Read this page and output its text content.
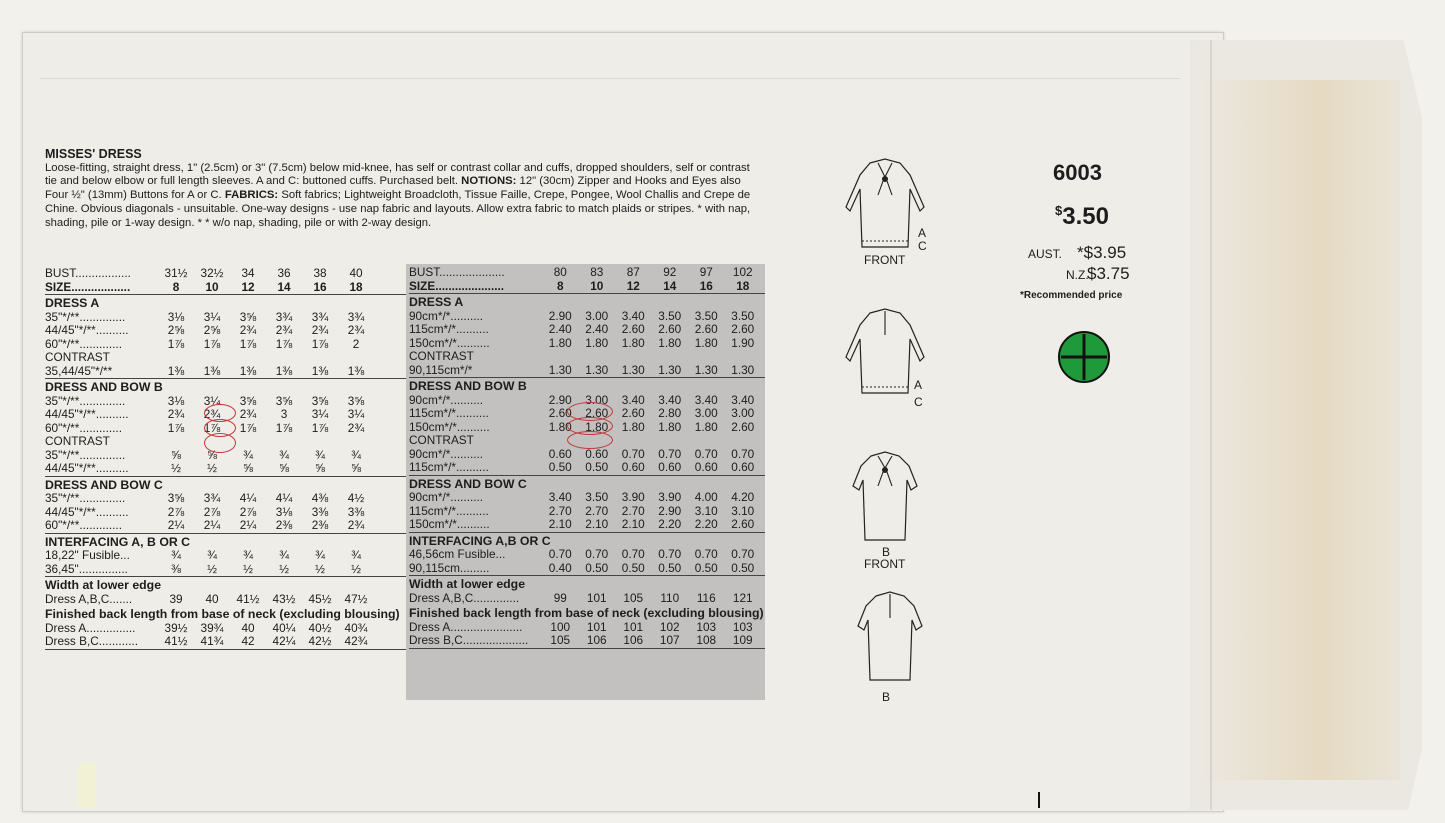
MISSES' DRESS
Loose-fitting, straight dress, 1" (2.5cm) or 3" (7.5cm) below mid-knee, has self or contrast collar and cuffs, dropped shoulders, self or contrast tie and below elbow or full length sleeves. A and C: buttoned cuffs. Purchased belt. NOTIONS: 12" (30cm) Zipper and Hooks and Eyes also Four ½" (13mm) Buttons for A or C. FABRICS: Soft fabrics; Lightweight Broadcloth, Tissue Faille, Crepe, Pongee, Wool Challis and Crepe de Chine. Obvious diagonals - unsuitable. One-way designs - use nap fabric and layouts. Allow extra fabric to match plaids or stripes. * with nap, shading, pile or 1-way design. * * w/o nap, shading, pile or with 2-way design.
BUST.................	31½	32½	34	36	38	40
SIZE..................	8	10	12	14	16	18
DRESS A
35"*/**..............	3⅛	3¼	3⅝	3¾	3¾	3¾
44/45"*/**..........	2⅝	2⅝	2¾	2¾	2¾	2¾
60"*/**.............	1⅞	1⅞	1⅞	1⅞	1⅞	2
CONTRAST
35,44/45"*/**	1⅜	1⅜	1⅜	1⅜	1⅜	1⅜
DRESS AND BOW B
35"*/**..............	3⅛	3¼	3⅝	3⅝	3⅝	3⅝
44/45"*/**..........	2¾	2¾	2¾	3	3¼	3¼
60"*/**.............	1⅞	1⅞	1⅞	1⅞	1⅞	2¾
CONTRAST
35"*/**..............	⅝	⅝	¾	¾	¾	¾
44/45"*/**..........	½	½	⅝	⅝	⅝	⅝
DRESS AND BOW C
35"*/**..............	3⅝	3¾	4¼	4¼	4⅜	4½
44/45"*/**..........	2⅞	2⅞	2⅞	3⅛	3⅜	3⅜
60"*/**.............	2¼	2¼	2¼	2⅜	2⅜	2¾
INTERFACING A, B OR C
18,22" Fusible...	¾	¾	¾	¾	¾	¾
36,45"...............	⅜	½	½	½	½	½
Width at lower edge
Dress A,B,C.......	39	40	41½	43½	45½	47½
Finished back length from base of neck (excluding blousing)
Dress A...............	39½	39¾	40	40¼	40½	40¾
Dress B,C............	41½	41¾	42	42¼	42½	42¾
BUST....................	80	83	87	92	97	102
SIZE.....................	8	10	12	14	16	18
DRESS A
90cm*/*..........	2.90	3.00	3.40	3.50	3.50	3.50
115cm*/*..........	2.40	2.40	2.60	2.60	2.60	2.60
150cm*/*..........	1.80	1.80	1.80	1.80	1.80	1.90
CONTRAST
90,115cm*/*	1.30	1.30	1.30	1.30	1.30	1.30
DRESS AND BOW B
90cm*/*..........	2.90	3.00	3.40	3.40	3.40	3.40
115cm*/*..........	2.60	2.60	2.60	2.80	3.00	3.00
150cm*/*..........	1.80	1.80	1.80	1.80	1.80	2.60
CONTRAST
90cm*/*..........	0.60	0.60	0.70	0.70	0.70	0.70
115cm*/*..........	0.50	0.50	0.60	0.60	0.60	0.60
DRESS AND BOW C
90cm*/*..........	3.40	3.50	3.90	3.90	4.00	4.20
115cm*/*..........	2.70	2.70	2.70	2.90	3.10	3.10
150cm*/*..........	2.10	2.10	2.10	2.20	2.20	2.60
INTERFACING A,B OR C
46,56cm Fusible...	0.70	0.70	0.70	0.70	0.70	0.70
90,115cm.........	0.40	0.50	0.50	0.50	0.50	0.50
Width at lower edge
Dress A,B,C..............	99	101	105	110	116	121
Finished back length from base of neck (excluding blousing)
Dress A......................	100	101	101	102	103	103
Dress B,C....................	105	106	106	107	108	109
A
C
FRONT
A
C
B
FRONT
B
6003
$3.50
AUST. *$3.95
N.Z.
$3.75
*Recommended price
